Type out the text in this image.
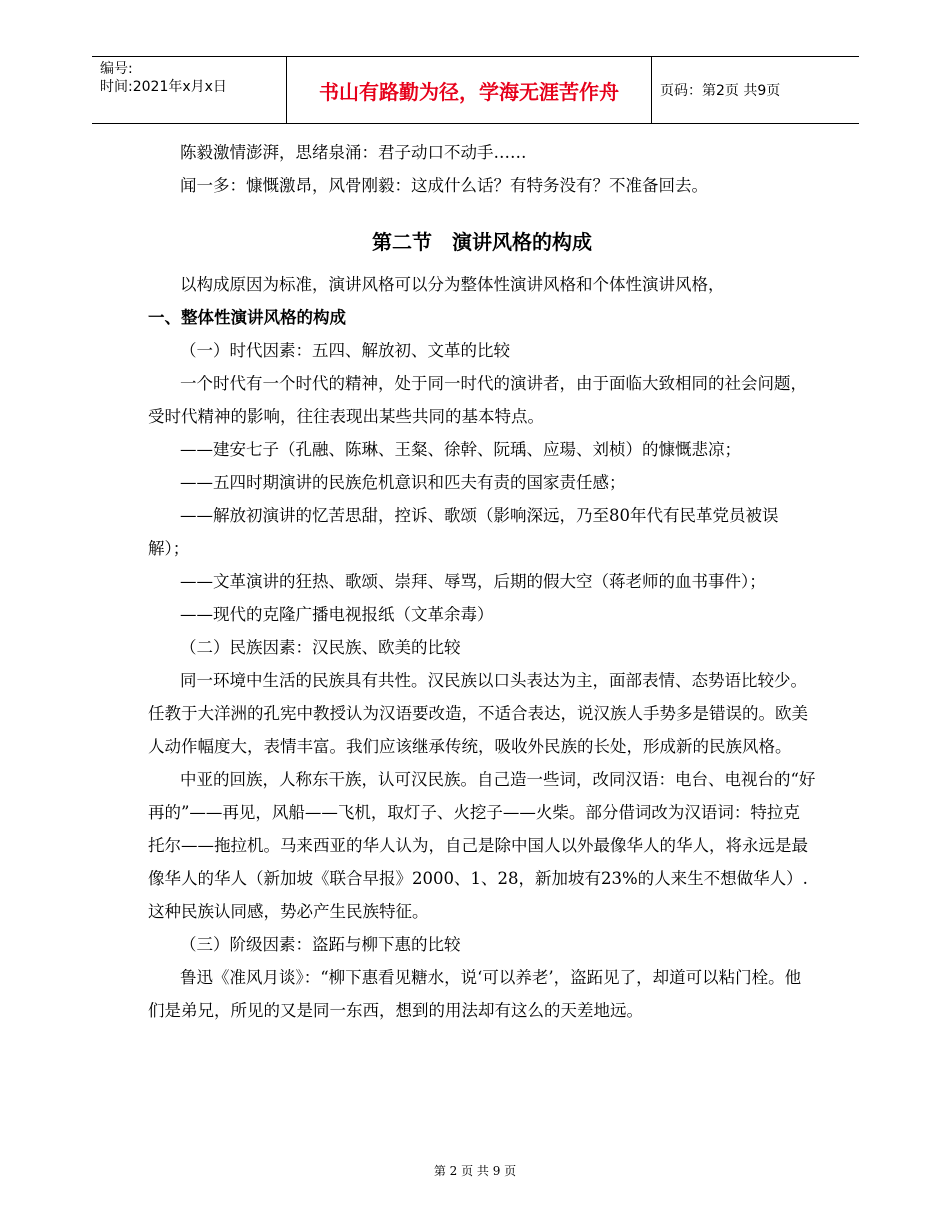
编号:
时间:2021年x月x日	书山有路勤为径，学海无涯苦作舟	页码：第2页 共9页

陈毅激情澎湃，思绪泉涌：君子动口不动手……

闻一多：慷慨激昂，风骨刚毅：这成什么话？有特务没有？不准备回去。

第二节　演讲风格的构成

以构成原因为标准，演讲风格可以分为整体性演讲风格和个体性演讲风格，

一、整体性演讲风格的构成

（一）时代因素：五四、解放初、文革的比较

一个时代有一个时代的精神，处于同一时代的演讲者，由于面临大致相同的社会问题，受时代精神的影响，往往表现出某些共同的基本特点。

——建安七子（孔融、陈琳、王粲、徐幹、阮瑀、应瑒、刘桢）的慷慨悲凉；

——五四时期演讲的民族危机意识和匹夫有责的国家责任感；

——解放初演讲的忆苦思甜，控诉、歌颂（影响深远，乃至80年代有民革党员被误解）；

——文革演讲的狂热、歌颂、崇拜、辱骂，后期的假大空（蒋老师的血书事件）；

——现代的克隆广播电视报纸（文革余毒）

（二）民族因素：汉民族、欧美的比较

同一环境中生活的民族具有共性。汉民族以口头表达为主，面部表情、态势语比较少。任教于大洋洲的孔宪中教授认为汉语要改造，不适合表达，说汉族人手势多是错误的。欧美人动作幅度大，表情丰富。我们应该继承传统，吸收外民族的长处，形成新的民族风格。

中亚的回族，人称东干族，认可汉民族。自己造一些词，改同汉语：电台、电视台的“好再的”——再见，风船——飞机，取灯子、火挖子——火柴。部分借词改为汉语词：特拉克托尔——拖拉机。马来西亚的华人认为，自己是除中国人以外最像华人的华人，将永远是最像华人的华人（新加坡《联合早报》2000、1、28，新加坡有23%的人来生不想做华人）.这种民族认同感，势必产生民族特征。

（三）阶级因素：盗跖与柳下惠的比较

鲁迅《准风月谈》：“柳下惠看见糖水，说‘可以养老’，盗跖见了，却道可以粘门栓。他们是弟兄，所见的又是同一东西，想到的用法却有这么的天差地远。

第 2 页 共 9 页
